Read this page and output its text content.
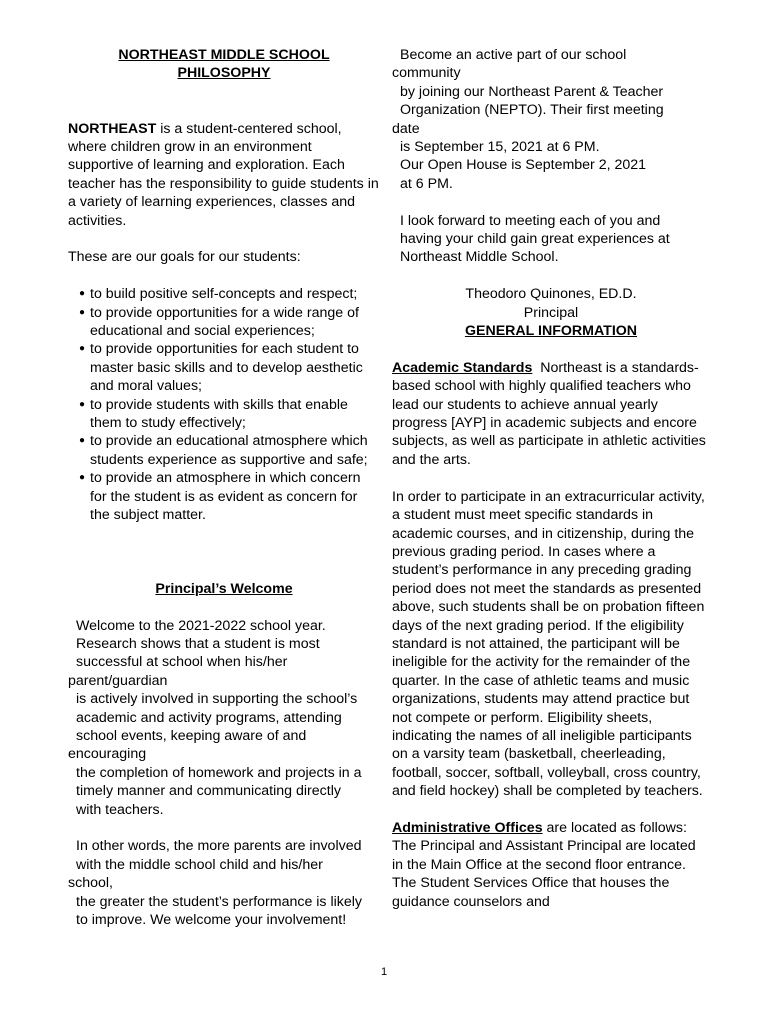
NORTHEAST MIDDLE SCHOOL
PHILOSOPHY

NORTHEAST is a student-centered school, where children grow in an environment supportive of learning and exploration. Each teacher has the responsibility to guide students in a variety of learning experiences, classes and activities.

These are our goals for our students:

● to build positive self-concepts and respect;
● to provide opportunities for a wide range of educational and social experiences;
● to provide opportunities for each student to master basic skills and to develop aesthetic and moral values;
● to provide students with skills that enable them to study effectively;
● to provide an educational atmosphere which students experience as supportive and safe;
● to provide an atmosphere in which concern for the student is as evident as concern for the subject matter.
Principal’s Welcome
Welcome to the 2021-2022 school year.
Research shows that a student is most
successful at school when his/her
parent/guardian
is actively involved in supporting the school’s
academic and activity programs, attending
school events, keeping aware of and
encouraging
the completion of homework and projects in a
timely manner and communicating directly
with teachers.
In other words, the more parents are involved
with the middle school child and his/her
school,
the greater the student’s performance is likely
to improve. We welcome your involvement!
Become an active part of our school
community
by joining our Northeast Parent & Teacher
Organization (NEPTO). Their first meeting
date
is September 15, 2021 at 6 PM.
Our Open House is September 2, 2021
at 6 PM.
I look forward to meeting each of you and
having your child gain great experiences at
Northeast Middle School.
Theodoro Quinones, ED.D.
Principal
GENERAL INFORMATION

Academic Standards Northeast is a standards-based school with highly qualified teachers who lead our students to achieve annual yearly progress [AYP] in academic subjects and encore subjects, as well as participate in athletic activities and the arts.

In order to participate in an extracurricular activity, a student must meet specific standards in academic courses, and in citizenship, during the previous grading period. In cases where a student’s performance in any preceding grading period does not meet the standards as presented above, such students shall be on probation fifteen days of the next grading period. If the eligibility standard is not attained, the participant will be ineligible for the activity for the remainder of the quarter. In the case of athletic teams and music organizations, students may attend practice but not compete or perform. Eligibility sheets, indicating the names of all ineligible participants on a varsity team (basketball, cheerleading, football, soccer, softball, volleyball, cross country, and field hockey) shall be completed by teachers.

Administrative Offices are located as follows:

The Principal and Assistant Principal are located in the Main Office at the second floor entrance. The Student Services Office that houses the guidance counselors and

1
